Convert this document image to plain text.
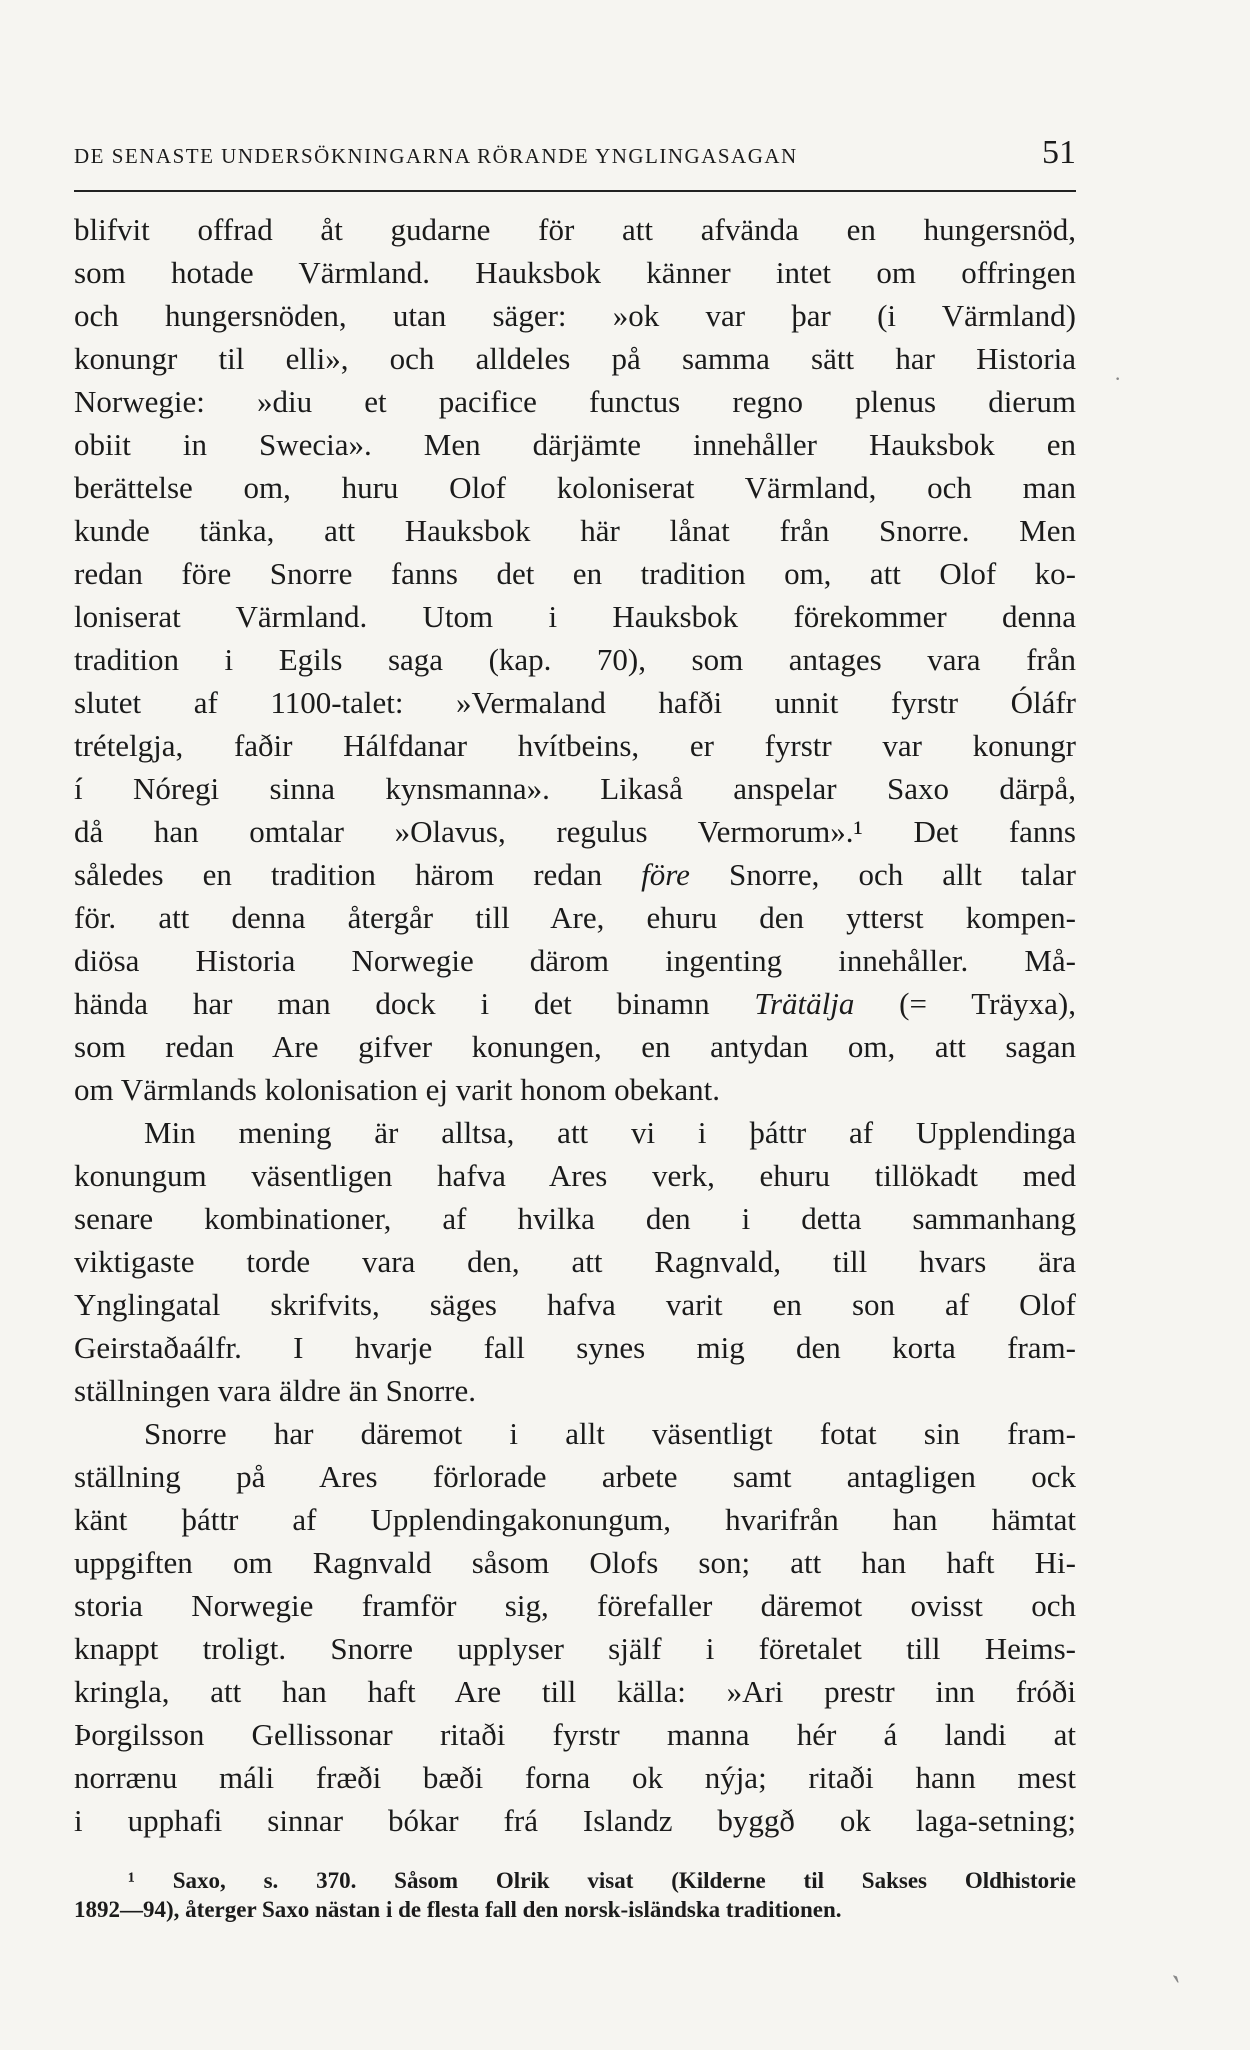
DE SENASTE UNDERSÖKNINGARNA RÖRANDE YNGLINGASAGAN	51
blifvit offrad åt gudarne för att afvända en hungersnöd,
som hotade Värmland. Hauksbok känner intet om offringen
och hungersnöden, utan säger: »ok var þar (i Värmland)
konungr til elli», och alldeles på samma sätt har Historia
Norwegie: »diu et pacifice functus regno plenus dierum
obiit in Swecia». Men därjämte innehåller Hauksbok en
berättelse om, huru Olof koloniserat Värmland, och man
kunde tänka, att Hauksbok här lånat från Snorre. Men
redan före Snorre fanns det en tradition om, att Olof ko-
loniserat Värmland. Utom i Hauksbok förekommer denna
tradition i Egils saga (kap. 70), som antages vara från
slutet af 1100-talet: »Vermaland hafði unnit fyrstr Óláfr
trételgja, faðir Hálfdanar hvítbeins, er fyrstr var konungr
í Nóregi sinna kynsmanna». Likaså anspelar Saxo därpå,
då han omtalar »Olavus, regulus Vermorum».¹ Det fanns
således en tradition härom redan före Snorre, och allt talar
för. att denna återgår till Are, ehuru den ytterst kompen-
diösa Historia Norwegie därom ingenting innehåller. Må-
hända har man dock i det binamn Trätälja (= Träyxa),
som redan Are gifver konungen, en antydan om, att sagan
om Värmlands kolonisation ej varit honom obekant.
Min mening är alltsa, att vi i þáttr af Upplendinga
konungum väsentligen hafva Ares verk, ehuru tillökadt med
senare kombinationer, af hvilka den i detta sammanhang
viktigaste torde vara den, att Ragnvald, till hvars ära
Ynglingatal skrifvits, säges hafva varit en son af Olof
Geirstaðaálfr. I hvarje fall synes mig den korta fram-
ställningen vara äldre än Snorre.
Snorre har däremot i allt väsentligt fotat sin fram-
ställning på Ares förlorade arbete samt antagligen ock
känt þáttr af Upplendingakonungum, hvarifrån han hämtat
uppgiften om Ragnvald såsom Olofs son; att han haft Hi-
storia Norwegie framför sig, förefaller däremot ovisst och
knappt troligt. Snorre upplyser själf i företalet till Heims-
kringla, att han haft Are till källa: »Ari prestr inn fróði
Þorgilsson Gellissonar ritaði fyrstr manna hér á landi at
norrænu máli fræði bæði forna ok nýja; ritaði hann mest
i upphafi sinnar bókar frá Islandz byggð ok laga-setning;
¹ Saxo, s. 370. Såsom Olrik visat (Kilderne til Sakses Oldhistorie
1892—94), återger Saxo nästan i de flesta fall den norsk-isländska traditionen.
·
ˏ
